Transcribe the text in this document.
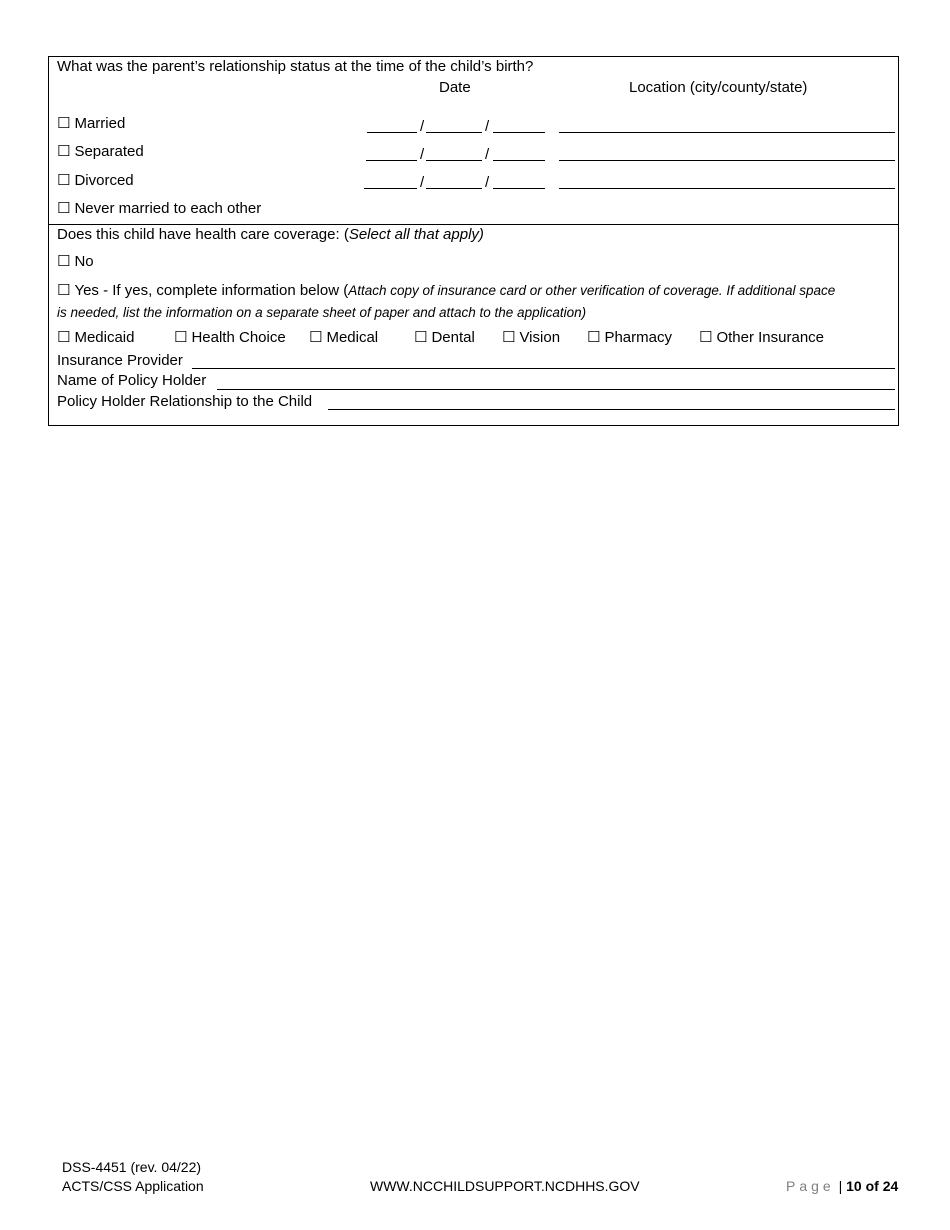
What was the parent’s relationship status at the time of the child’s birth?
Date	Location (city/county/state)
☐ Married	/	/
☐ Separated	/	/
☐ Divorced	/	/
☐ Never married to each other
Does this child have health care coverage: (Select all that apply)
☐ No
☐ Yes - If yes, complete information below (Attach copy of insurance card or other verification of coverage. If additional space
is needed, list the information on a separate sheet of paper and attach to the application)
☐ Medicaid	☐ Health Choice ☐ Medical ☐ Dental ☐ Vision ☐ Pharmacy ☐ Other Insurance
Insurance Provider
Name of Policy Holder
Policy Holder Relationship to the Child
DSS-4451 (rev. 04/22)
ACTS/CSS Application	WWW.NCCHILDSUPPORT.NCDHHS.GOV	Page | 10 of 24
